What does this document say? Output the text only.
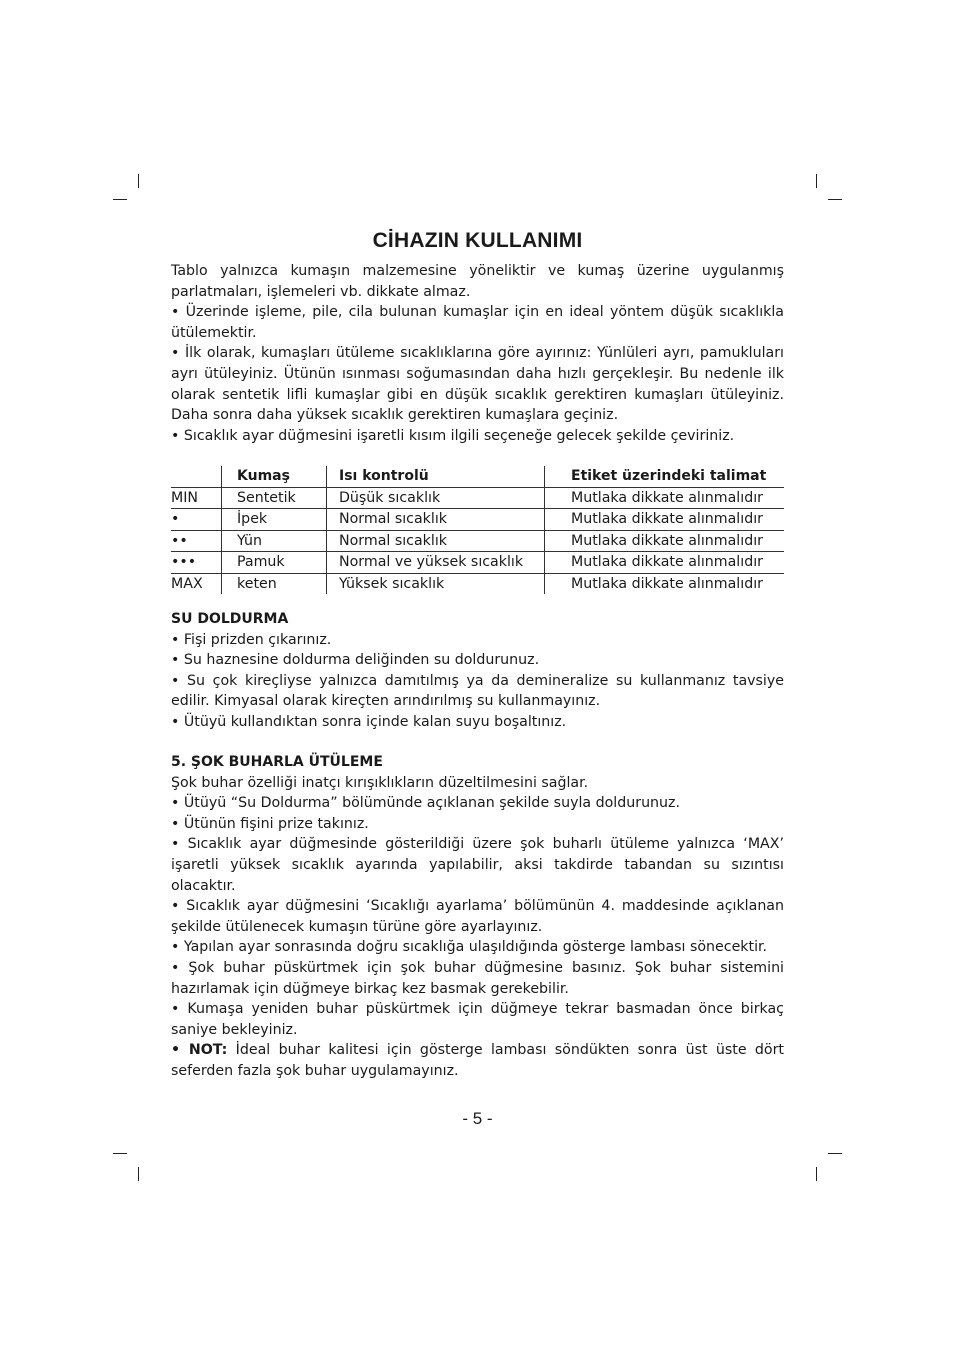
CİHAZIN KULLANIMI

Tablo yalnızca kumaşın malzemesine yöneliktir ve kumaş üzerine uygulanmış parlatmaları, işlemeleri vb. dikkate almaz.

• Üzerinde işleme, pile, cila bulunan kumaşlar için en ideal yöntem düşük sıcaklıkla ütülemektir.

• İlk olarak, kumaşları ütüleme sıcaklıklarına göre ayırınız: Yünlüleri ayrı, pamukluları ayrı ütüleyiniz. Ütünün ısınması soğumasından daha hızlı gerçekleşir. Bu nedenle ilk olarak sentetik lifli kumaşlar gibi en düşük sıcaklık gerektiren kumaşları ütüleyiniz. Daha sonra daha yüksek sıcaklık gerektiren kumaşlara geçiniz.

• Sıcaklık ayar düğmesini işaretli kısım ilgili seçeneğe gelecek şekilde çeviriniz.

	Kumaş	Isı kontrolü	Etiket üzerindeki talimat
MIN	Sentetik	Düşük sıcaklık	Mutlaka dikkate alınmalıdır
•	İpek	Normal sıcaklık	Mutlaka dikkate alınmalıdır
••	Yün	Normal sıcaklık	Mutlaka dikkate alınmalıdır
•••	Pamuk	Normal ve yüksek sıcaklık	Mutlaka dikkate alınmalıdır
MAX	keten	Yüksek sıcaklık	Mutlaka dikkate alınmalıdır

SU DOLDURMA

• Fişi prizden çıkarınız.

• Su haznesine doldurma deliğinden su doldurunuz.

• Su çok kireçliyse yalnızca damıtılmış ya da demineralize su kullanmanız tavsiye edilir. Kimyasal olarak kireçten arındırılmış su kullanmayınız.

• Ütüyü kullandıktan sonra içinde kalan suyu boşaltınız.

5. ŞOK BUHARLA ÜTÜLEME

Şok buhar özelliği inatçı kırışıklıkların düzeltilmesini sağlar.

• Ütüyü “Su Doldurma” bölümünde açıklanan şekilde suyla doldurunuz.

• Ütünün fişini prize takınız.

• Sıcaklık ayar düğmesinde gösterildiği üzere şok buharlı ütüleme yalnızca ‘MAX’ işaretli yüksek sıcaklık ayarında yapılabilir, aksi takdirde tabandan su sızıntısı olacaktır.

• Sıcaklık ayar düğmesini ‘Sıcaklığı ayarlama’ bölümünün 4. maddesinde açıklanan şekilde ütülenecek kumaşın türüne göre ayarlayınız.

• Yapılan ayar sonrasında doğru sıcaklığa ulaşıldığında gösterge lambası sönecektir.

• Şok buhar püskürtmek için şok buhar düğmesine basınız. Şok buhar sistemini hazırlamak için düğmeye birkaç kez basmak gerekebilir.

• Kumaşa yeniden buhar püskürtmek için düğmeye tekrar basmadan önce birkaç saniye bekleyiniz.

• NOT: İdeal buhar kalitesi için gösterge lambası söndükten sonra üst üste dört seferden fazla şok buhar uygulamayınız.

- 5 -
